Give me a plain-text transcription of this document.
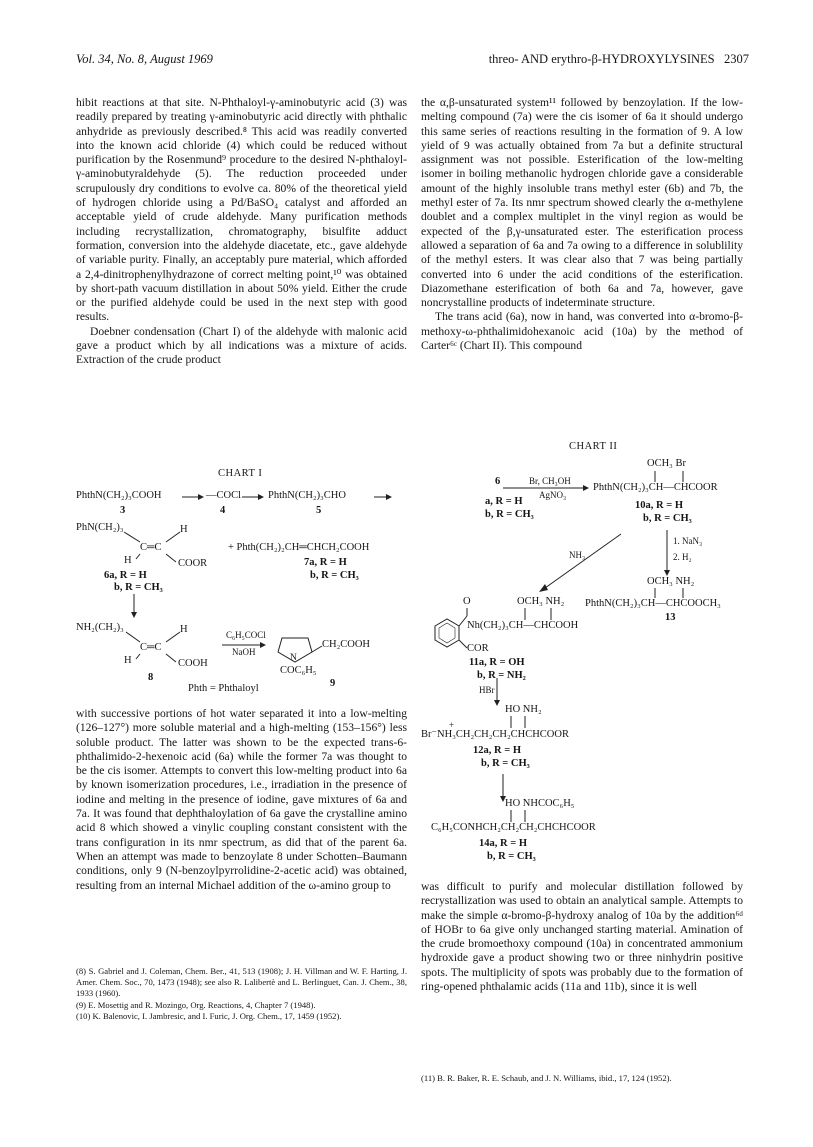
Vol. 34, No. 8, August 1969	threo- AND erythro-β-HYDROXYLYSINES 2307

hibit reactions at that site. N-Phthaloyl-γ-aminobutyric acid (3) was readily prepared by treating γ-aminobutyric acid directly with phthalic anhydride as previously described.⁸ This acid was readily converted into the known acid chloride (4) which could be reduced without purification by the Rosenmund⁹ procedure to the desired N-phthaloyl-γ-aminobutyraldehyde (5). The reduction proceeded under scrupulously dry conditions to evolve ca. 80% of the theoretical yield of hydrogen chloride using a Pd/BaSO₄ catalyst and afforded an acceptable yield of crude aldehyde. Many purification methods including recrystallization, chromatography, bisulfite adduct formation, conversion into the aldehyde diacetate, etc., gave aldehyde of variable purity. Finally, an acceptably pure material, which afforded a 2,4-dinitrophenylhydrazone of correct melting point,¹⁰ was obtained by short-path vacuum distillation in about 50% yield. Either the crude or the purified aldehyde could be used in the next step with good results.

Doebner condensation (Chart I) of the aldehyde with malonic acid gave a product which by all indications was a mixture of acids. Extraction of the crude product

the α,β-unsaturated system¹¹ followed by benzoylation. If the low-melting compound (7a) were the cis isomer of 6a it should undergo this same series of reactions resulting in the formation of 9. A low yield of 9 was actually obtained from 7a but a definite structural assignment was not possible. Esterification of the low-melting isomer in boiling methanolic hydrogen chloride gave a considerable amount of the highly insoluble trans methyl ester (6b) and 7b, the methyl ester of 7a. Its nmr spectrum showed clearly the α-methylene doublet and a complex multiplet in the vinyl region as would be expected of the β,γ-unsaturated ester. The esterification process allowed a separation of 6a and 7a owing to a difference in solublility of the methyl esters. It was clear also that 7 was being partially converted into 6 under the acid conditions of the esterification. Diazomethane esterification of both 6a and 7a, however, gave noncrystalline products of indeterminate structure.

The trans acid (6a), now in hand, was converted into α-bromo-β-methoxy-ω-phthalimidohexanoic acid (10a) by the method of Carter⁶ᶜ (Chart II). This compound

CHART I
PhthN(CH₂)₃COOH	—COCl	PhthN(CH₂)₃CHO
3	4	5
PhN(CH₂)₃	H
C═C
H	COOR
+ Phth(CH₂)₂CH═CHCH₂COOH
6a, R = H
b, R = CH₃
7a, R = H
b, R = CH₃
NH₂(CH₂)₃	H
C═C
H	COOH
8
C₆H₅COCl
NaOH
N
CH₂COOH
COC₆H₅
9
Phth = Phthaloyl
CHART II
6
a, R = H
b, R = CH₃
Br, CH₃OH
AgNO₃
OCH₃ Br
PhthN(CH₂)₃CH—CHCOOR
10a, R = H
b, R = CH₃
1. NaN₃
2. H₂
NH₃
OCH₃ NH₂
PhthN(CH₂)₃CH—CHCOOCH₃
13
O	OCH₃ NH₂
Nh(CH₂)₃CH—CHCOOH
COR
11a, R = OH
b, R = NH₂
HBr
HO NH₂
+
Br⁻NH₃CH₂CH₂CH₂CHCHCOOR
12a, R = H
b, R = CH₃
HO NHCOC₆H₅
C₆H₅CONHCH₂CH₂CH₂CHCHCOOR
14a, R = H
b, R = CH₃

with successive portions of hot water separated it into a low-melting (126–127°) more soluble material and a high-melting (153–156°) less soluble product. The latter was shown to be the expected trans-6-phthalimido-2-hexenoic acid (6a) while the former 7a was thought to be the cis isomer. Attempts to convert this low-melting product into 6a by known isomerization procedures, i.e., irradiation in the presence of iodine and melting in the presence of iodine, gave mixtures of 6a and 7a. It was found that dephthaloylation of 6a gave the crystalline amino acid 8 which showed a vinylic coupling constant consistent with the trans configuration in its nmr spectrum, as did that of the parent 6a. When an attempt was made to benzoylate 8 under Schotten–Baumann conditions, only 9 (N-benzoylpyrrolidine-2-acetic acid) was obtained, resulting from an internal Michael addition of the ω-amino group to	was difficult to purify and molecular distillation followed by recrystallization was used to obtain an analytical sample. Attempts to make the simple α-bromo-β-hydroxy analog of 10a by the addition⁶ᵈ of HOBr to 6a give only unchanged starting material. Amination of the crude bromoethoxy compound (10a) in concentrated ammonium hydroxide gave a product showing two or three ninhydrin positive spots. The multiplicity of spots was probably due to the formation of ring-opened phthalamic acids (11a and 11b), since it is well

(8) S. Gabriel and J. Coleman, Chem. Ber., 41, 513 (1908); J. H. Villman and W. F. Harting, J. Amer. Chem. Soc., 70, 1473 (1948); see also R. Lalibertè and L. Berlinguet, Can. J. Chem., 38, 1933 (1960).
(9) E. Mosettig and R. Mozingo, Org. Reactions, 4, Chapter 7 (1948).
(10) K. Balenovic, I. Jambresic, and I. Furic, J. Org. Chem., 17, 1459 (1952).
(11) B. R. Baker, R. E. Schaub, and J. N. Williams, ibid., 17, 124 (1952).
